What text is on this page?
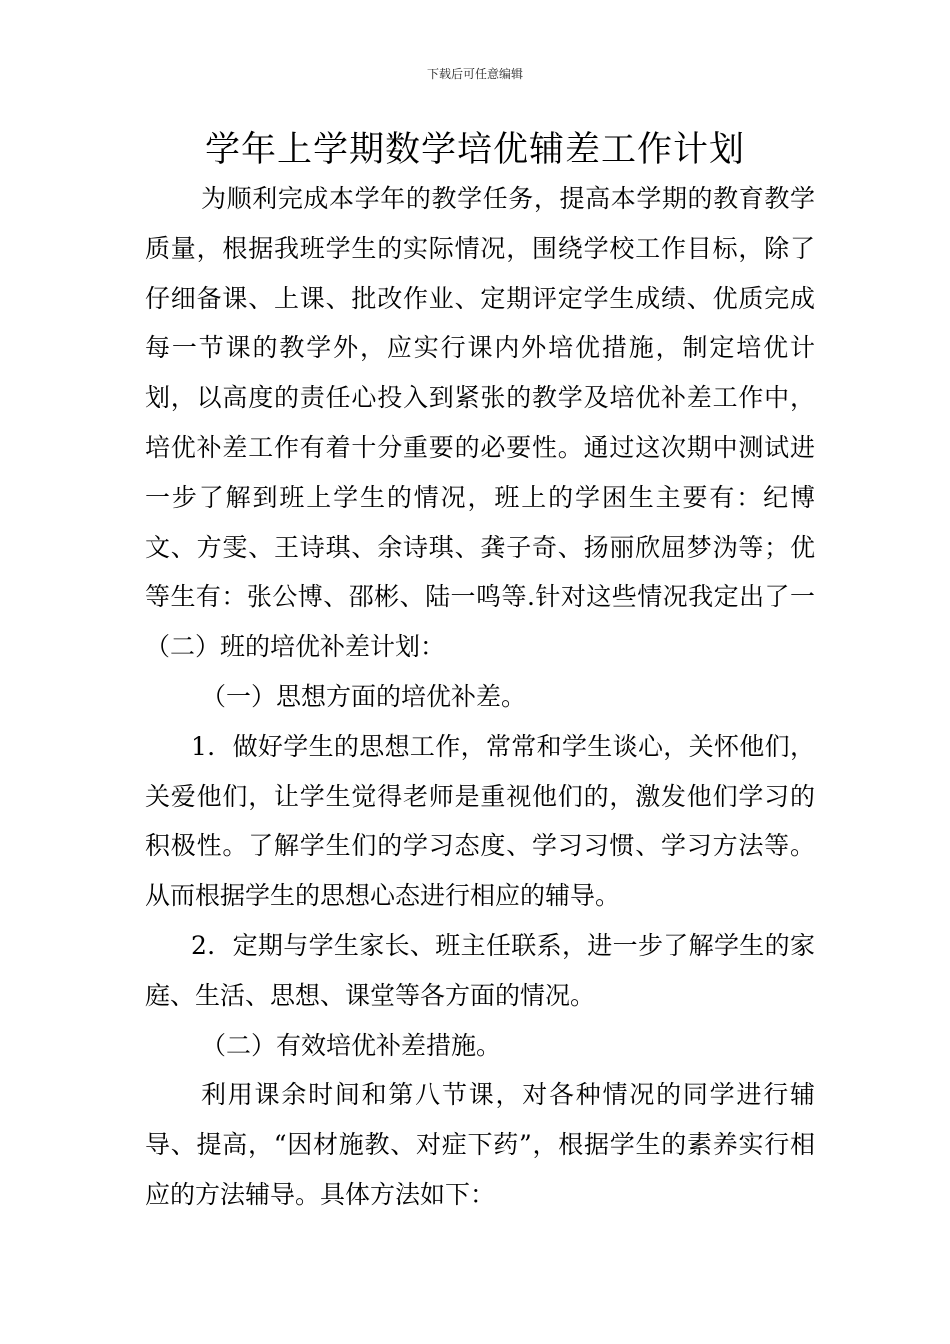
下载后可任意编辑
学年上学期数学培优辅差工作计划

为顺利完成本学年的教学任务，提高本学期的教育教学质量，根据我班学生的实际情况，围绕学校工作目标，除了仔细备课、上课、批改作业、定期评定学生成绩、优质完成每一节课的教学外，应实行课内外培优措施，制定培优计划，以高度的责任心投入到紧张的教学及培优补差工作中，培优补差工作有着十分重要的必要性。通过这次期中测试进一步了解到班上学生的情况，班上的学困生主要有：纪博文、方雯、王诗琪、余诗琪、龚子奇、扬丽欣屈梦沩等；优等生有：张公博、邵彬、陆一鸣等.针对这些情况我定出了一（二）班的培优补差计划：

（一）思想方面的培优补差。

1．做好学生的思想工作，常常和学生谈心，关怀他们，关爱他们，让学生觉得老师是重视他们的，激发他们学习的积极性。了解学生们的学习态度、学习习惯、学习方法等。从而根据学生的思想心态进行相应的辅导。

2．定期与学生家长、班主任联系，进一步了解学生的家庭、生活、思想、课堂等各方面的情况。

（二）有效培优补差措施。

利用课余时间和第八节课，对各种情况的同学进行辅导、提高，“因材施教、对症下药”，根据学生的素养实行相应的方法辅导。具体方法如下：
